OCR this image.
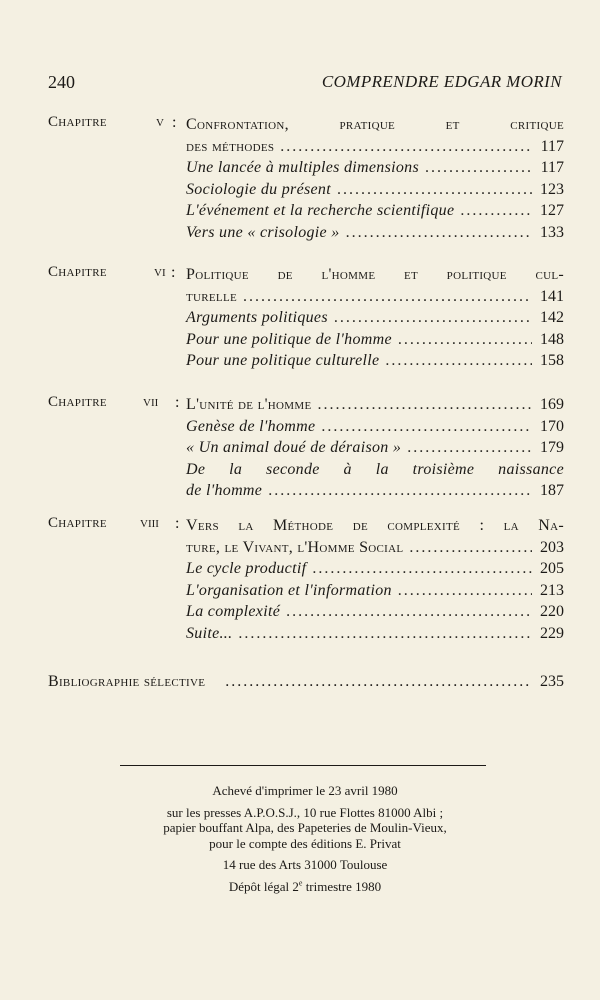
240	COMPRENDRE EDGAR MORIN
Chapitre	v : Confrontation, pratique et critique
des méthodes .....	117
Une lancée à multiples dimensions .....	117
Sociologie du présent .....	123
L'événement et la recherche scientifique .....	127
Vers une « crisologie » .....	133
Chapitre	vi : Politique de l'homme et politique cul-
turelle .....	141
Arguments politiques .....	142
Pour une politique de l'homme .....	148
Pour une politique culturelle .....	158
Chapitre vii : L'unité de l'homme .....	169
Genèse de l'homme .....	170
« Un animal doué de déraison » .....	179
De la seconde à la troisième naissance
de l'homme .....	187
Chapitre viii : Vers la Méthode de complexité : la Na-
ture, le Vivant, l'Homme Social .....	203
Le cycle productif .....	205
L'organisation et l'information .....	213
La complexité .....	220
Suite... .....	229
Bibliographie sélective .....	235
Achevé d'imprimer le 23 avril 1980
sur les presses A.P.O.S.J., 10 rue Flottes 81000 Albi ;
papier bouffant Alpa, des Papeteries de Moulin-Vieux,
pour le compte des éditions E. Privat
14 rue des Arts 31000 Toulouse
Dépôt légal 2e trimestre 1980
